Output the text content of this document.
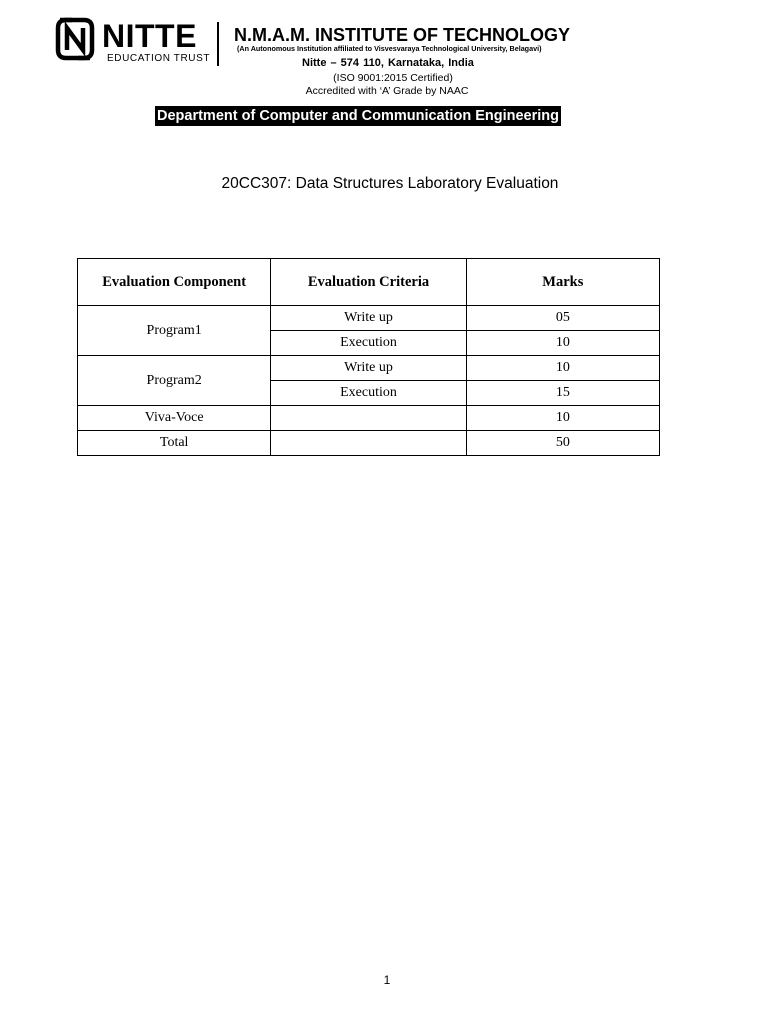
NITTE
EDUCATION TRUST
N.M.A.M. INSTITUTE OF TECHNOLOGY
(An Autonomous Institution affiliated to Visvesvaraya Technological University, Belagavi)
Nitte – 574 110, Karnataka, India
(ISO 9001:2015 Certified)
Accredited with ‘A’ Grade by NAAC
Department of Computer and Communication Engineering
20CC307: Data Structures Laboratory Evaluation
Evaluation Component	Evaluation Criteria	Marks
Program1	Write up	05
	Execution	10
Program2	Write up	10
	Execution	15
Viva-Voce		10
Total		50
1
